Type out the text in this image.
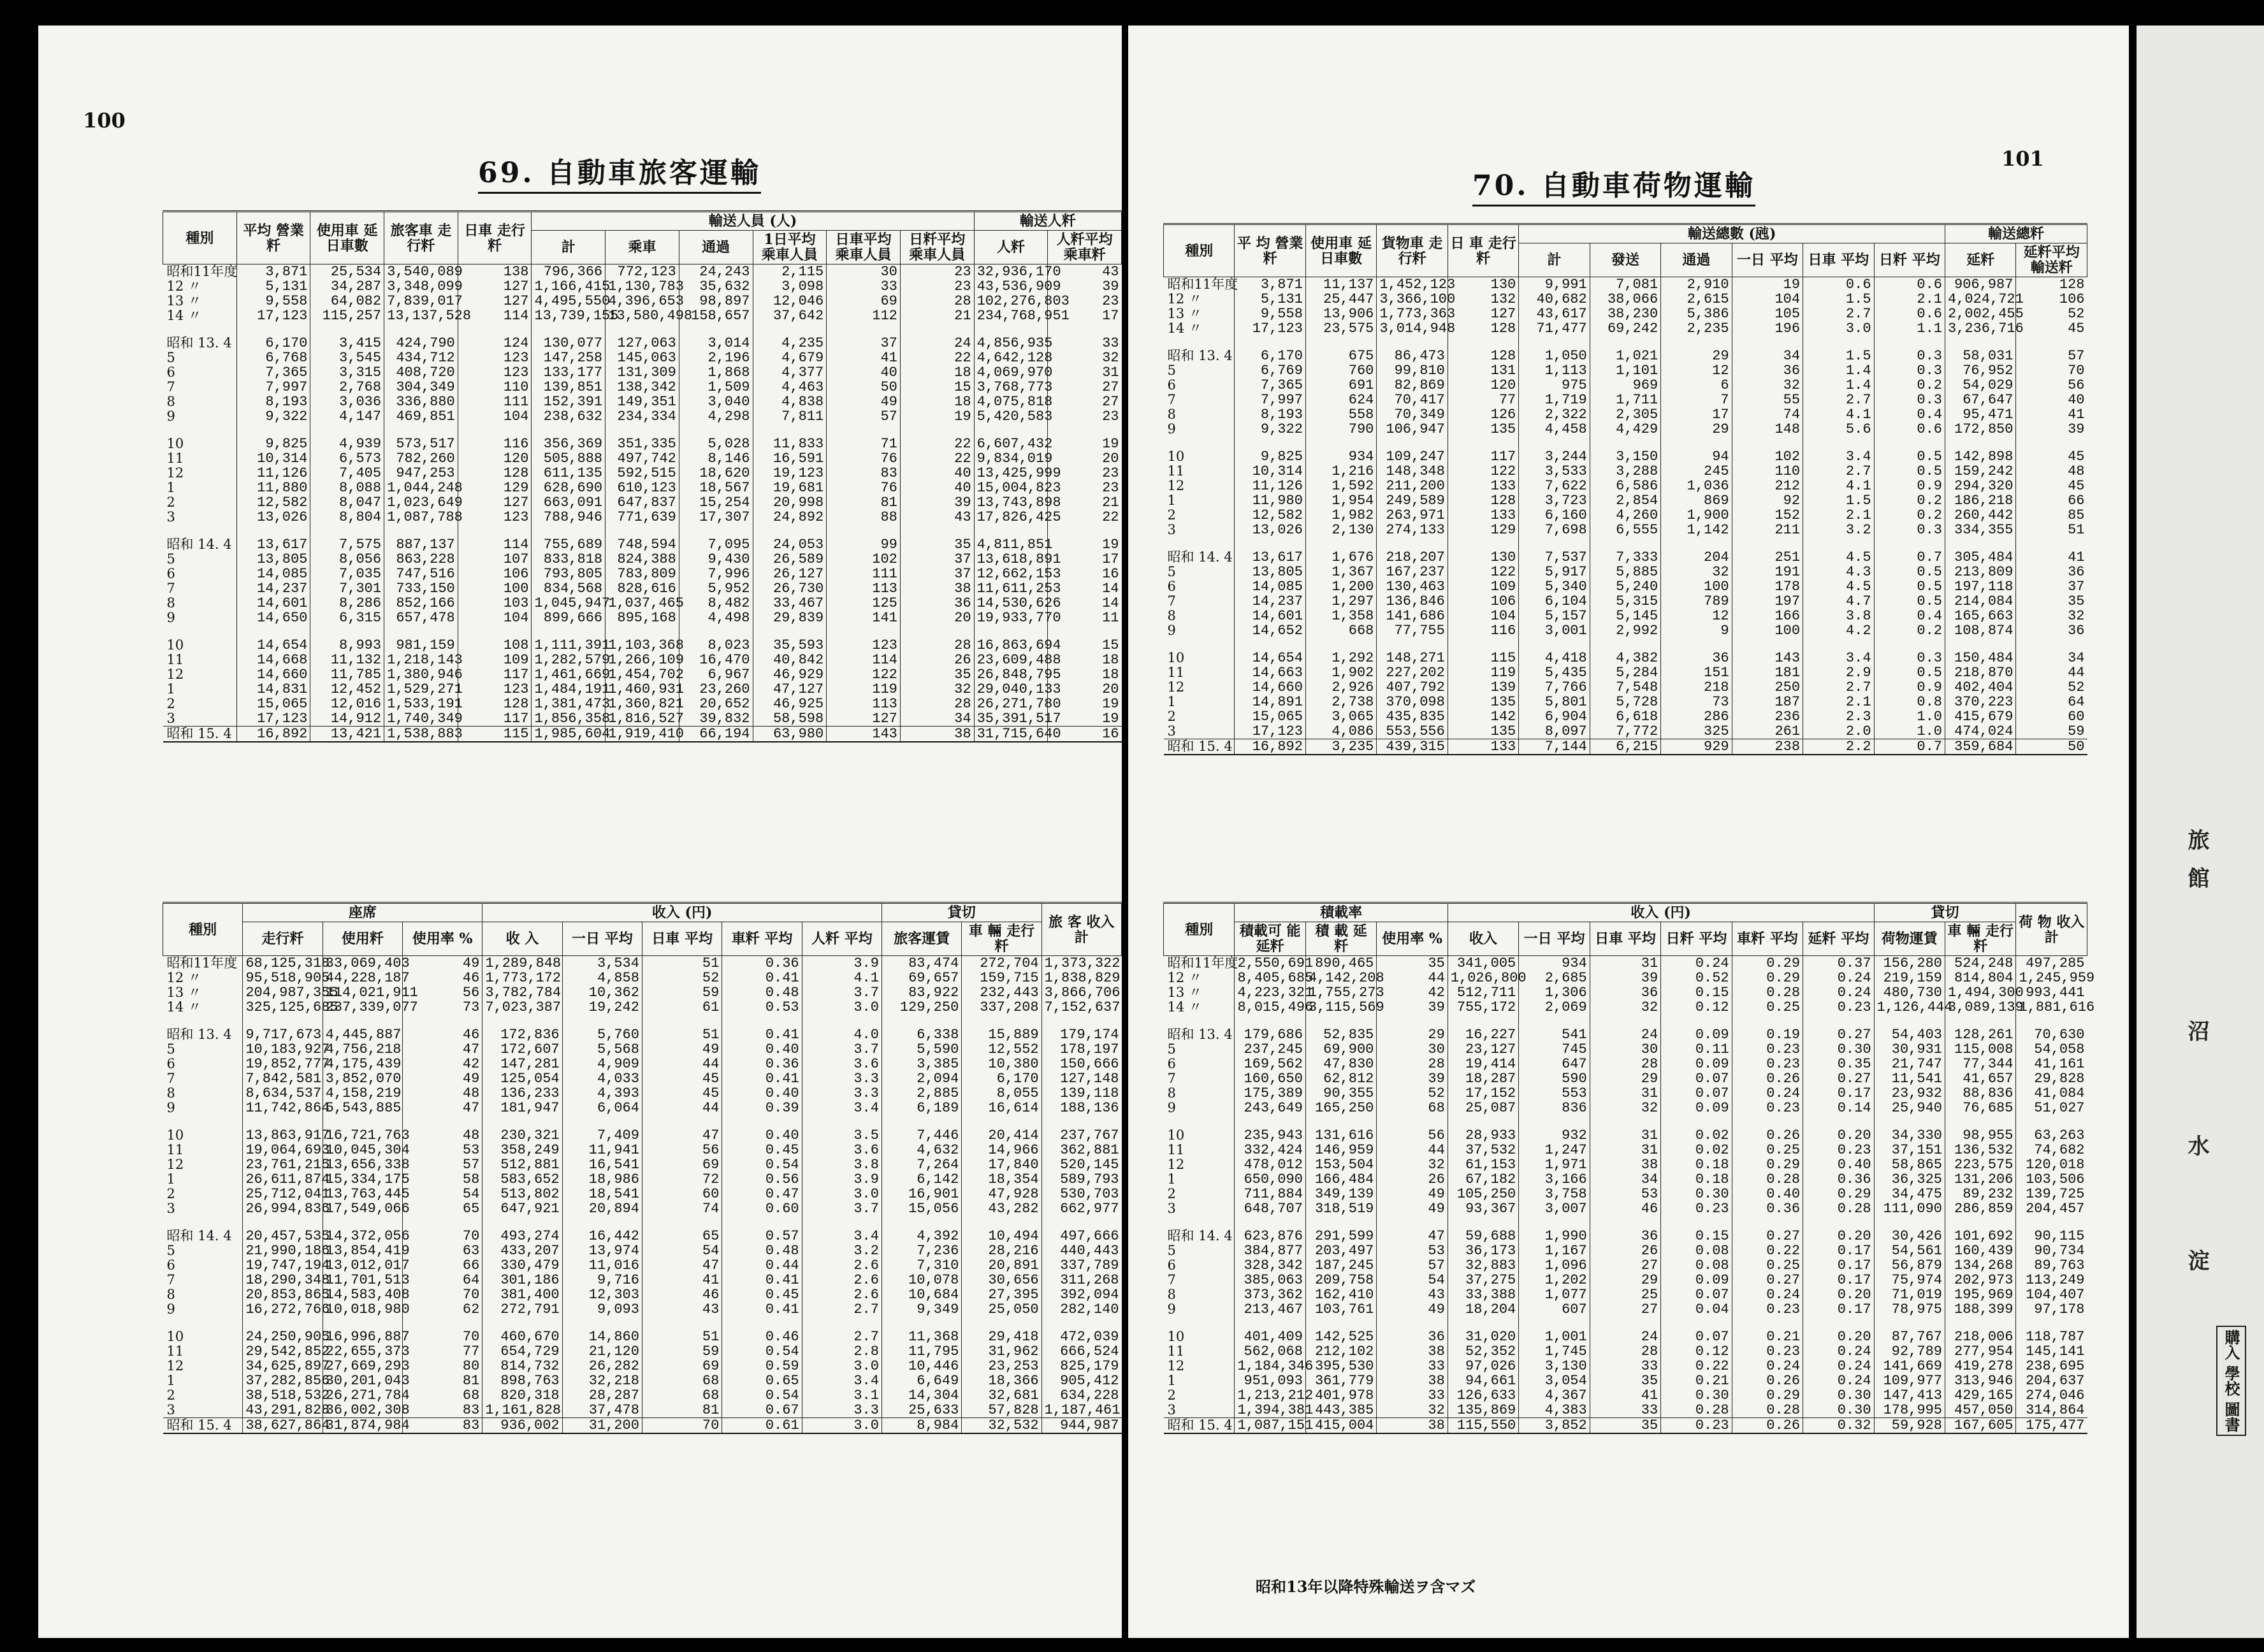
100
69. 自動車旅客運輸
種別	平均 營業粁	使用車 延日車數	旅客車 走行粁	日車 走行粁	輸送人員 (人)						輸送人粁	
					計	乘車	通過	1日平均 乘車人員	日車平均 乘車人員	日粁平均 乘車人員	人粁	人粁平均 乘車粁
昭和11年度	3,871	25,534	3,540,089	138	796,366	772,123	24,243	2,115	30	23	32,936,170	43
12 〃	5,131	34,287	3,348,099	127	1,166,415	1,130,783	35,632	3,098	33	23	43,536,909	39
13 〃	9,558	64,082	7,839,017	127	4,495,550	4,396,653	98,897	12,046	69	28	102,276,803	23
14 〃	17,123	115,257	13,137,528	114	13,739,155	13,580,498	158,657	37,642	112	21	234,768,951	17

昭和 13. 4	6,170	3,415	424,790	124	130,077	127,063	3,014	4,235	37	24	4,856,935	33
5	6,768	3,545	434,712	123	147,258	145,063	2,196	4,679	41	22	4,642,128	32
6	7,365	3,315	408,720	123	133,177	131,309	1,868	4,377	40	18	4,069,970	31
7	7,997	2,768	304,349	110	139,851	138,342	1,509	4,463	50	15	3,768,773	27
8	8,193	3,036	336,880	111	152,391	149,351	3,040	4,838	49	18	4,075,818	27
9	9,322	4,147	469,851	104	238,632	234,334	4,298	7,811	57	19	5,420,583	23

10	9,825	4,939	573,517	116	356,369	351,335	5,028	11,833	71	22	6,607,432	19
11	10,314	6,573	782,260	120	505,888	497,742	8,146	16,591	76	22	9,834,019	20
12	11,126	7,405	947,253	128	611,135	592,515	18,620	19,123	83	40	13,425,999	23
1	11,880	8,088	1,044,248	129	628,690	610,123	18,567	19,681	76	40	15,004,823	23
2	12,582	8,047	1,023,649	127	663,091	647,837	15,254	20,998	81	39	13,743,898	21
3	13,026	8,804	1,087,788	123	788,946	771,639	17,307	24,892	88	43	17,826,425	22

昭和 14. 4	13,617	7,575	887,137	114	755,689	748,594	7,095	24,053	99	35	4,811,851	19
5	13,805	8,056	863,228	107	833,818	824,388	9,430	26,589	102	37	13,618,891	17
6	14,085	7,035	747,516	106	793,805	783,809	7,996	26,127	111	37	12,662,153	16
7	14,237	7,301	733,150	100	834,568	828,616	5,952	26,730	113	38	11,611,253	14
8	14,601	8,286	852,166	103	1,045,947	1,037,465	8,482	33,467	125	36	14,530,626	14
9	14,650	6,315	657,478	104	899,666	895,168	4,498	29,839	141	20	19,933,770	11

10	14,654	8,993	981,159	108	1,111,391	1,103,368	8,023	35,593	123	28	16,863,694	15
11	14,668	11,132	1,218,143	109	1,282,579	1,266,109	16,470	40,842	114	26	23,609,488	18
12	14,660	11,785	1,380,946	117	1,461,669	1,454,702	6,967	46,929	122	35	26,848,795	18
1	14,831	12,452	1,529,271	123	1,484,191	1,460,931	23,260	47,127	119	32	29,040,133	20
2	15,065	12,016	1,533,191	128	1,381,473	1,360,821	20,652	46,925	113	28	26,271,780	19
3	17,123	14,912	1,740,349	117	1,856,358	1,816,527	39,832	58,598	127	34	35,391,517	19
昭和 15. 4	16,892	13,421	1,538,883	115	1,985,604	1,919,410	66,194	63,980	143	38	31,715,640	16
種別	座席			收入 (円)					貸切		旅 客 收入計
	走行粁	使用粁	使用率 %	收 入	一日 平均	日車 平均	車粁 平均	人粁 平均	旅客運賃	車 輛 走行粁	
昭和11年度	68,125,318	33,069,403	49	1,289,848	3,534	51	0.36	3.9	83,474	272,704	1,373,322
12 〃	95,518,905	44,228,187	46	1,773,172	4,858	52	0.41	4.1	69,657	159,715	1,838,829
13 〃	204,987,355	114,021,911	56	3,782,784	10,362	59	0.48	3.7	83,922	232,443	3,866,706
14 〃	325,125,685	237,339,077	73	7,023,387	19,242	61	0.53	3.0	129,250	337,208	7,152,637

昭和 13. 4	9,717,673	4,445,887	46	172,836	5,760	51	0.41	4.0	6,338	15,889	179,174
5	10,183,927	4,756,218	47	172,607	5,568	49	0.40	3.7	5,590	12,552	178,197
6	19,852,777	4,175,439	42	147,281	4,909	44	0.36	3.6	3,385	10,380	150,666
7	7,842,581	3,852,070	49	125,054	4,033	45	0.41	3.3	2,094	6,170	127,148
8	8,634,537	4,158,219	48	136,233	4,393	45	0.40	3.3	2,885	8,055	139,118
9	11,742,864	5,543,885	47	181,947	6,064	44	0.39	3.4	6,189	16,614	188,136

10	13,863,917	16,721,763	48	230,321	7,409	47	0.40	3.5	7,446	20,414	237,767
11	19,064,693	10,045,304	53	358,249	11,941	56	0.45	3.6	4,632	14,966	362,881
12	23,761,215	13,656,338	57	512,881	16,541	69	0.54	3.8	7,264	17,840	520,145
1	26,611,874	15,334,175	58	583,652	18,986	72	0.56	3.9	6,142	18,354	589,793
2	25,712,041	13,763,445	54	513,802	18,541	60	0.47	3.0	16,901	47,928	530,703
3	26,994,836	17,549,066	65	647,921	20,894	74	0.60	3.7	15,056	43,282	662,977

昭和 14. 4	20,457,535	14,372,056	70	493,274	16,442	65	0.57	3.4	4,392	10,494	497,666
5	21,990,186	13,854,419	63	433,207	13,974	54	0.48	3.2	7,236	28,216	440,443
6	19,747,194	13,012,017	66	330,479	11,016	47	0.44	2.6	7,310	20,891	337,789
7	18,290,348	11,701,513	64	301,186	9,716	41	0.41	2.6	10,078	30,656	311,268
8	20,853,865	14,583,408	70	381,400	12,303	46	0.45	2.6	10,684	27,395	392,094
9	16,272,766	10,018,980	62	272,791	9,093	43	0.41	2.7	9,349	25,050	282,140

10	24,250,905	16,996,887	70	460,670	14,860	51	0.46	2.7	11,368	29,418	472,039
11	29,542,852	22,655,373	77	654,729	21,120	59	0.54	2.8	11,795	31,962	666,524
12	34,625,897	27,669,293	80	814,732	26,282	69	0.59	3.0	10,446	23,253	825,179
1	37,282,856	30,201,043	81	898,763	32,218	68	0.65	3.4	6,649	18,366	905,412
2	38,518,532	26,271,784	68	820,318	28,287	68	0.54	3.1	14,304	32,681	634,228
3	43,291,828	36,002,308	83	1,161,828	37,478	81	0.67	3.3	25,633	57,828	1,187,461
昭和 15. 4	38,627,864	31,874,984	83	936,002	31,200	70	0.61	3.0	8,984	32,532	944,987
101
70. 自動車荷物運輸
種別	平 均 營業粁	使用車 延日車數	貨物車 走行粁	日 車 走行粁	輸送總數 (瓲)						輸送總粁	
					計	發送	通過	一日 平均	日車 平均	日粁 平均	延粁	延粁平均 輸送粁
昭和11年度	3,871	11,137	1,452,123	130	9,991	7,081	2,910	19	0.6	0.6	906,987	128
12 〃	5,131	25,447	3,366,100	132	40,682	38,066	2,615	104	1.5	2.1	4,024,721	106
13 〃	9,558	13,906	1,773,363	127	43,617	38,230	5,386	105	2.7	0.6	2,002,455	52
14 〃	17,123	23,575	3,014,948	128	71,477	69,242	2,235	196	3.0	1.1	3,236,716	45

昭和 13. 4	6,170	675	86,473	128	1,050	1,021	29	34	1.5	0.3	58,031	57
5	6,769	760	99,810	131	1,113	1,101	12	36	1.4	0.3	76,952	70
6	7,365	691	82,869	120	975	969	6	32	1.4	0.2	54,029	56
7	7,997	624	70,417	77	1,719	1,711	7	55	2.7	0.3	67,647	40
8	8,193	558	70,349	126	2,322	2,305	17	74	4.1	0.4	95,471	41
9	9,322	790	106,947	135	4,458	4,429	29	148	5.6	0.6	172,850	39

10	9,825	934	109,247	117	3,244	3,150	94	102	3.4	0.5	142,898	45
11	10,314	1,216	148,348	122	3,533	3,288	245	110	2.7	0.5	159,242	48
12	11,126	1,592	211,200	133	7,622	6,586	1,036	212	4.1	0.9	294,320	45
1	11,980	1,954	249,589	128	3,723	2,854	869	92	1.5	0.2	186,218	66
2	12,582	1,982	263,971	133	6,160	4,260	1,900	152	2.1	0.2	260,442	85
3	13,026	2,130	274,133	129	7,698	6,555	1,142	211	3.2	0.3	334,355	51

昭和 14. 4	13,617	1,676	218,207	130	7,537	7,333	204	251	4.5	0.7	305,484	41
5	13,805	1,367	167,237	122	5,917	5,885	32	191	4.3	0.5	213,809	36
6	14,085	1,200	130,463	109	5,340	5,240	100	178	4.5	0.5	197,118	37
7	14,237	1,297	136,846	106	6,104	5,315	789	197	4.7	0.5	214,084	35
8	14,601	1,358	141,686	104	5,157	5,145	12	166	3.8	0.4	165,663	32
9	14,652	668	77,755	116	3,001	2,992	9	100	4.2	0.2	108,874	36

10	14,654	1,292	148,271	115	4,418	4,382	36	143	3.4	0.3	150,484	34
11	14,663	1,902	227,202	119	5,435	5,284	151	181	2.9	0.5	218,870	44
12	14,660	2,926	407,792	139	7,766	7,548	218	250	2.7	0.9	402,404	52
1	14,891	2,738	370,098	135	5,801	5,728	73	187	2.1	0.8	370,223	64
2	15,065	3,065	435,835	142	6,904	6,618	286	236	2.3	1.0	415,679	60
3	17,123	4,086	553,556	135	8,097	7,772	325	261	2.0	1.0	474,024	59
昭和 15. 4	16,892	3,235	439,315	133	7,144	6,215	929	238	2.2	0.7	359,684	50
種別	積載率			收入 (円)						貸切		荷 物 收入計
	積載可 能延粁	積 載 延 粁	使用率 %	收入	一日 平均	日車 平均	日粁 平均	車粁 平均	延粁 平均	荷物運賃	車 輛 走行粁	
昭和11年度	2,550,691	890,465	35	341,005	934	31	0.24	0.29	0.37	156,280	524,248	497,285
12 〃	8,405,685	4,142,208	44	1,026,800	2,685	39	0.52	0.29	0.24	219,159	814,804	1,245,959
13 〃	4,223,321	1,755,273	42	512,711	1,306	36	0.15	0.28	0.24	480,730	1,494,300	993,441
14 〃	8,015,496	3,115,569	39	755,172	2,069	32	0.12	0.25	0.23	1,126,444	3,089,139	1,881,616

昭和 13. 4	179,686	52,835	29	16,227	541	24	0.09	0.19	0.27	54,403	128,261	70,630
5	237,245	69,900	30	23,127	745	30	0.11	0.23	0.30	30,931	115,008	54,058
6	169,562	47,830	28	19,414	647	28	0.09	0.23	0.35	21,747	77,344	41,161
7	160,650	62,812	39	18,287	590	29	0.07	0.26	0.27	11,541	41,657	29,828
8	175,389	90,355	52	17,152	553	31	0.07	0.24	0.17	23,932	88,836	41,084
9	243,649	165,250	68	25,087	836	32	0.09	0.23	0.14	25,940	76,685	51,027

10	235,943	131,616	56	28,933	932	31	0.02	0.26	0.20	34,330	98,955	63,263
11	332,424	146,959	44	37,532	1,247	31	0.02	0.25	0.23	37,151	136,532	74,682
12	478,012	153,504	32	61,153	1,971	38	0.18	0.29	0.40	58,865	223,575	120,018
1	650,090	166,484	26	67,182	3,166	34	0.18	0.28	0.36	36,325	131,206	103,506
2	711,884	349,139	49	105,250	3,758	53	0.30	0.40	0.29	34,475	89,232	139,725
3	648,707	318,519	49	93,367	3,007	46	0.23	0.36	0.28	111,090	286,859	204,457

昭和 14. 4	623,876	291,599	47	59,688	1,990	36	0.15	0.27	0.20	30,426	101,692	90,115
5	384,877	203,497	53	36,173	1,167	26	0.08	0.22	0.17	54,561	160,439	90,734
6	328,342	187,245	57	32,883	1,096	27	0.08	0.25	0.17	56,879	134,268	89,763
7	385,063	209,758	54	37,275	1,202	29	0.09	0.27	0.17	75,974	202,973	113,249
8	373,362	162,410	43	33,388	1,077	25	0.07	0.24	0.20	71,019	195,969	104,407
9	213,467	103,761	49	18,204	607	27	0.04	0.23	0.17	78,975	188,399	97,178

10	401,409	142,525	36	31,020	1,001	24	0.07	0.21	0.20	87,767	218,006	118,787
11	562,068	212,102	38	52,352	1,745	28	0.12	0.23	0.24	92,789	277,954	145,141
12	1,184,346	395,530	33	97,026	3,130	33	0.22	0.24	0.24	141,669	419,278	238,695
1	951,093	361,779	38	94,661	3,054	35	0.21	0.26	0.24	109,977	313,946	204,637
2	1,213,212	401,978	33	126,633	4,367	41	0.30	0.29	0.30	147,413	429,165	274,046
3	1,394,381	443,385	32	135,869	4,383	33	0.28	0.28	0.30	178,995	457,050	314,864
昭和 15. 4	1,087,151	415,004	38	115,550	3,852	35	0.23	0.26	0.32	59,928	167,605	175,477
昭和13年以降特殊輸送ヲ含マズ
旅
館
沼
水
淀
購入 學校 圖書
